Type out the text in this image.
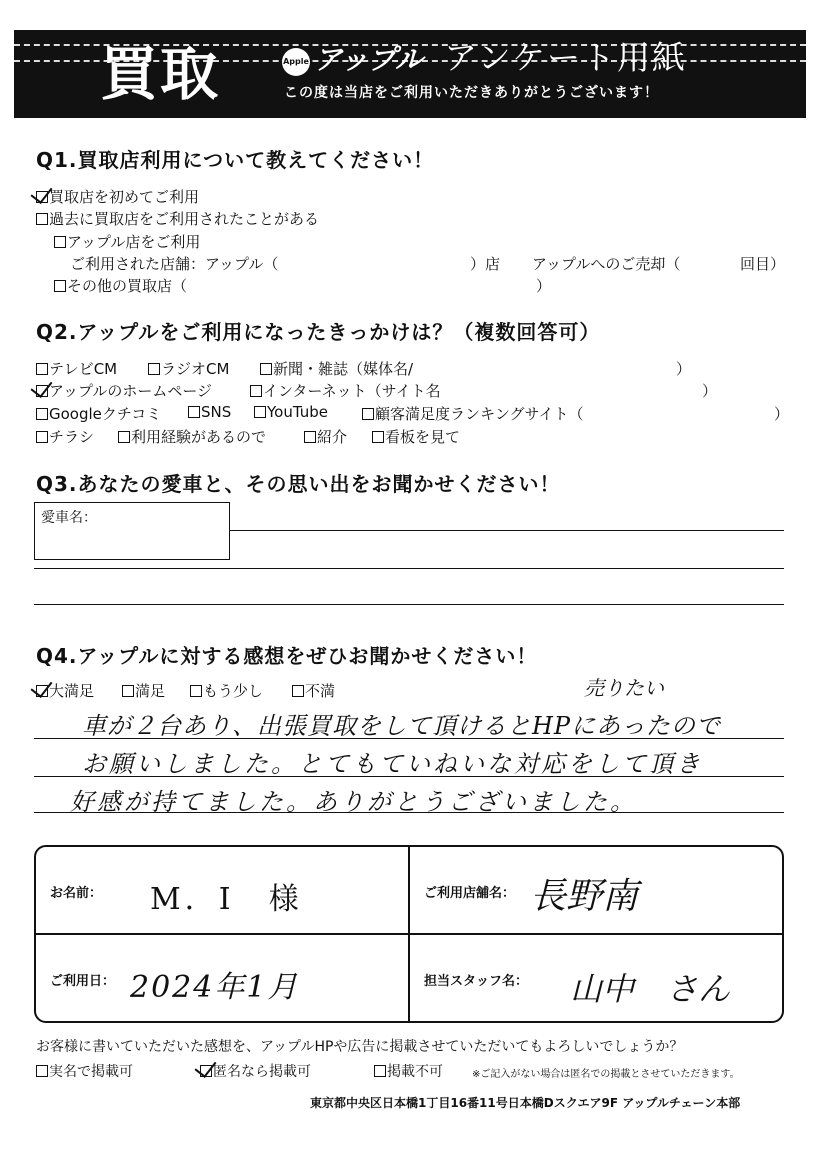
買取	Apple アップル アンケート用紙
この度は当店をご利用いただきありがとうございます！
Q1.買取店利用について教えてください！
買取店を初めてご利用
過去に買取店をご利用されたことがある
アップル店をご利用
ご利用された店舗：アップル（	）店 アップルへのご売却（	回目）
その他の買取店（	）
Q2.アップルをご利用になったきっかけは？（複数回答可）
テレビCM	ラジオCM	新聞・雑誌（媒体名/	）
アップルのホームページ	インターネット（サイト名	）
Googleクチコミ	SNS	YouTube	顧客満足度ランキングサイト（	）
チラシ	利用経験があるので	紹介	看板を見て
Q3.あなたの愛車と、その思い出をお聞かせください！
愛車名：
Q4.アップルに対する感想をぜひお聞かせください！
大満足	満足	もう少し	不満	売りたい
車が２台あり、出張買取をして頂けるとHPにあったので
お願いしました。とてもていねいな対応をして頂き
好感が持てました。ありがとうございました。
お名前： M．I　様	ご利用店舗名： 長野南
ご利用日： 2024年1月	担当スタッフ名： 山中　さん
お客様に書いていただいた感想を、アップルHPや広告に掲載させていただいてもよろしいでしょうか？
実名で掲載可	匿名なら掲載可	掲載不可	※ご記入がない場合は匿名での掲載とさせていただきます。
東京都中央区日本橋1丁目16番11号日本橋Dスクエア9F アップルチェーン本部
